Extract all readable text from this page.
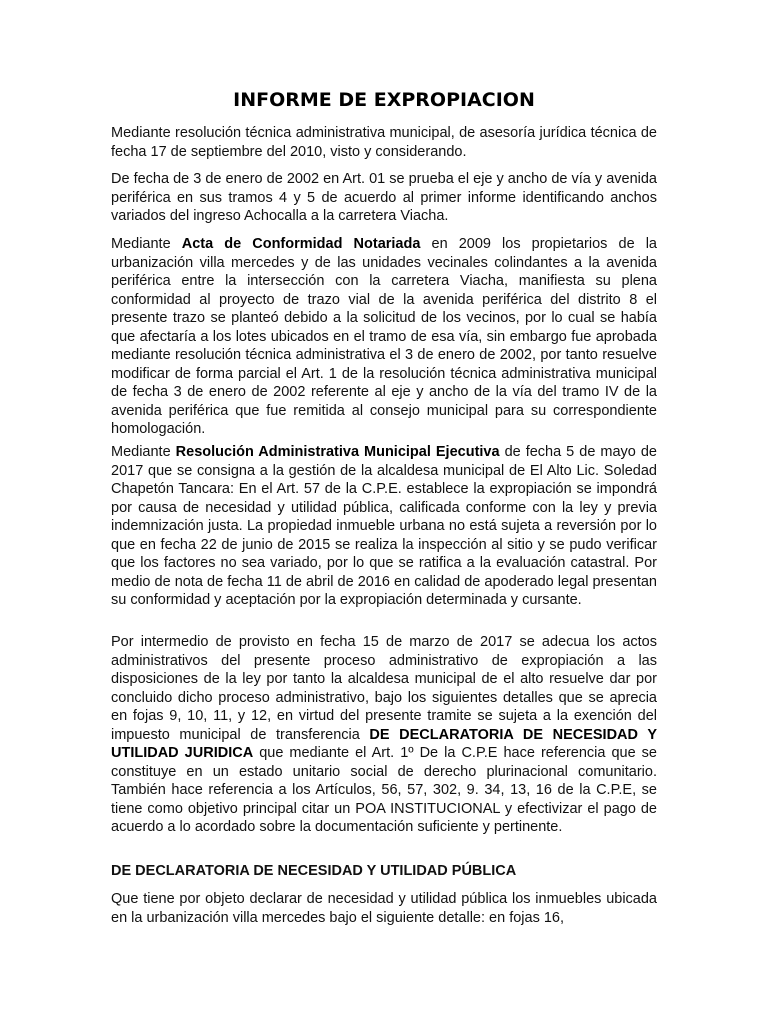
INFORME DE EXPROPIACION

Mediante resolución técnica administrativa municipal, de asesoría jurídica técnica de fecha 17 de septiembre del 2010, visto y considerando.

De fecha de 3 de enero de 2002 en Art. 01 se prueba el eje y ancho de vía y avenida periférica en sus tramos 4 y 5 de acuerdo al primer informe identificando anchos variados del ingreso Achocalla a la carretera Viacha.

Mediante Acta de Conformidad Notariada en 2009 los propietarios de la urbanización villa mercedes y de las unidades vecinales colindantes a la avenida periférica entre la intersección con la carretera Viacha, manifiesta su plena conformidad al proyecto de trazo vial de la avenida periférica del distrito 8 el presente trazo se planteó debido a la solicitud de los vecinos, por lo cual se había que afectaría a los lotes ubicados en el tramo de esa vía, sin embargo fue aprobada mediante resolución técnica administrativa el 3 de enero de 2002, por tanto resuelve modificar de forma parcial el Art. 1 de la resolución técnica administrativa municipal de fecha 3 de enero de 2002 referente al eje y ancho de la vía del tramo IV de la avenida periférica que fue remitida al consejo municipal para su correspondiente homologación.

Mediante Resolución Administrativa Municipal Ejecutiva de fecha 5 de mayo de 2017 que se consigna a la gestión de la alcaldesa municipal de El Alto Lic. Soledad Chapetón Tancara: En el Art. 57 de la C.P.E. establece la expropiación se impondrá por causa de necesidad y utilidad pública, calificada conforme con la ley y previa indemnización justa. La propiedad inmueble urbana no está sujeta a reversión por lo que en fecha 22 de junio de 2015 se realiza la inspección al sitio y se pudo verificar que los factores no sea variado, por lo que se ratifica a la evaluación catastral. Por medio de nota de fecha 11 de abril de 2016 en calidad de apoderado legal presentan su conformidad y aceptación por la expropiación determinada y cursante.

Por intermedio de provisto en fecha 15 de marzo de 2017 se adecua los actos administrativos del presente proceso administrativo de expropiación a las disposiciones de la ley por tanto la alcaldesa municipal de el alto resuelve dar por concluido dicho proceso administrativo, bajo los siguientes detalles que se aprecia en fojas 9, 10, 11, y 12, en virtud del presente tramite se sujeta a la exención del impuesto municipal de transferencia DE DECLARATORIA DE NECESIDAD Y UTILIDAD JURIDICA que mediante el Art. 1º De la C.P.E hace referencia que se constituye en un estado unitario social de derecho plurinacional comunitario. También hace referencia a los Artículos, 56, 57, 302, 9. 34, 13, 16 de la C.P.E, se tiene como objetivo principal citar un POA INSTITUCIONAL y efectivizar el pago de acuerdo a lo acordado sobre la documentación suficiente y pertinente.

DE DECLARATORIA DE NECESIDAD Y UTILIDAD PÚBLICA

Que tiene por objeto declarar de necesidad y utilidad pública los inmuebles ubicada en la urbanización villa mercedes bajo el siguiente detalle: en fojas 16,
